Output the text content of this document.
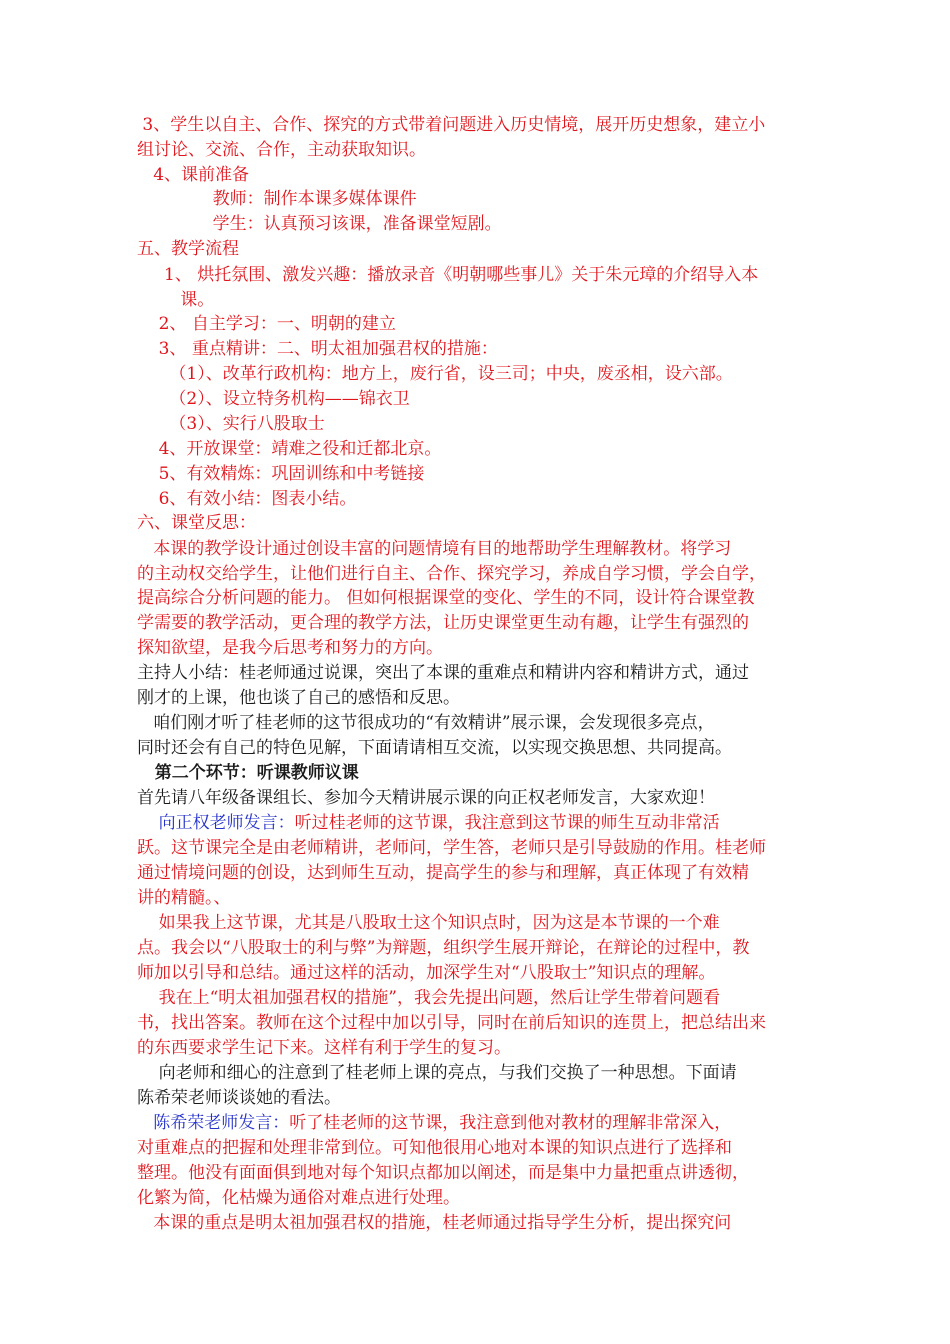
3、学生以自主、合作、探究的方式带着问题进入历史情境，展开历史想象，建立小
组讨论、交流、合作，主动获取知识。
4、课前准备
教师：制作本课多媒体课件
学生：认真预习该课，准备课堂短剧。
五、教学流程
1、 烘托氛围、激发兴趣：播放录音《明朝哪些事儿》关于朱元璋的介绍导入本
课。
2、 自主学习：一、明朝的建立
3、 重点精讲：二、明太祖加强君权的措施：
（1）、改革行政机构：地方上，废行省，设三司；中央，废丞相，设六部。
（2）、设立特务机构——锦衣卫
（3）、实行八股取士
4、开放课堂：靖难之役和迁都北京。
5、有效精炼：巩固训练和中考链接
6、有效小结：图表小结。
六、课堂反思：
本课的教学设计通过创设丰富的问题情境有目的地帮助学生理解教材。将学习
的主动权交给学生，让他们进行自主、合作、探究学习，养成自学习惯，学会自学，
提高综合分析问题的能力。 但如何根据课堂的变化、学生的不同，设计符合课堂教
学需要的教学活动，更合理的教学方法，让历史课堂更生动有趣，让学生有强烈的
探知欲望，是我今后思考和努力的方向。
主持人小结：桂老师通过说课，突出了本课的重难点和精讲内容和精讲方式，通过
刚才的上课，他也谈了自己的感悟和反思。
咱们刚才听了桂老师的这节很成功的“有效精讲”展示课，会发现很多亮点，
同时还会有自己的特色见解，下面请请相互交流，以实现交换思想、共同提高。
第二个环节：听课教师议课
首先请八年级备课组长、参加今天精讲展示课的向正权老师发言，大家欢迎！
向正权老师发言：听过桂老师的这节课，我注意到这节课的师生互动非常活
跃。这节课完全是由老师精讲，老师问，学生答，老师只是引导鼓励的作用。桂老师
通过情境问题的创设，达到师生互动，提高学生的参与和理解，真正体现了有效精
讲的精髓。、
如果我上这节课，尤其是八股取士这个知识点时，因为这是本节课的一个难
点。我会以“八股取士的利与弊”为辩题，组织学生展开辩论，在辩论的过程中，教
师加以引导和总结。通过这样的活动，加深学生对“八股取士”知识点的理解。
我在上“明太祖加强君权的措施”，我会先提出问题，然后让学生带着问题看
书，找出答案。教师在这个过程中加以引导，同时在前后知识的连贯上，把总结出来
的东西要求学生记下来。这样有利于学生的复习。
向老师和细心的注意到了桂老师上课的亮点，与我们交换了一种思想。下面请
陈希荣老师谈谈她的看法。
陈希荣老师发言：听了桂老师的这节课，我注意到他对教材的理解非常深入，
对重难点的把握和处理非常到位。可知他很用心地对本课的知识点进行了选择和
整理。他没有面面俱到地对每个知识点都加以阐述，而是集中力量把重点讲透彻，
化繁为简，化枯燥为通俗对难点进行处理。
本课的重点是明太祖加强君权的措施，桂老师通过指导学生分析，提出探究问
